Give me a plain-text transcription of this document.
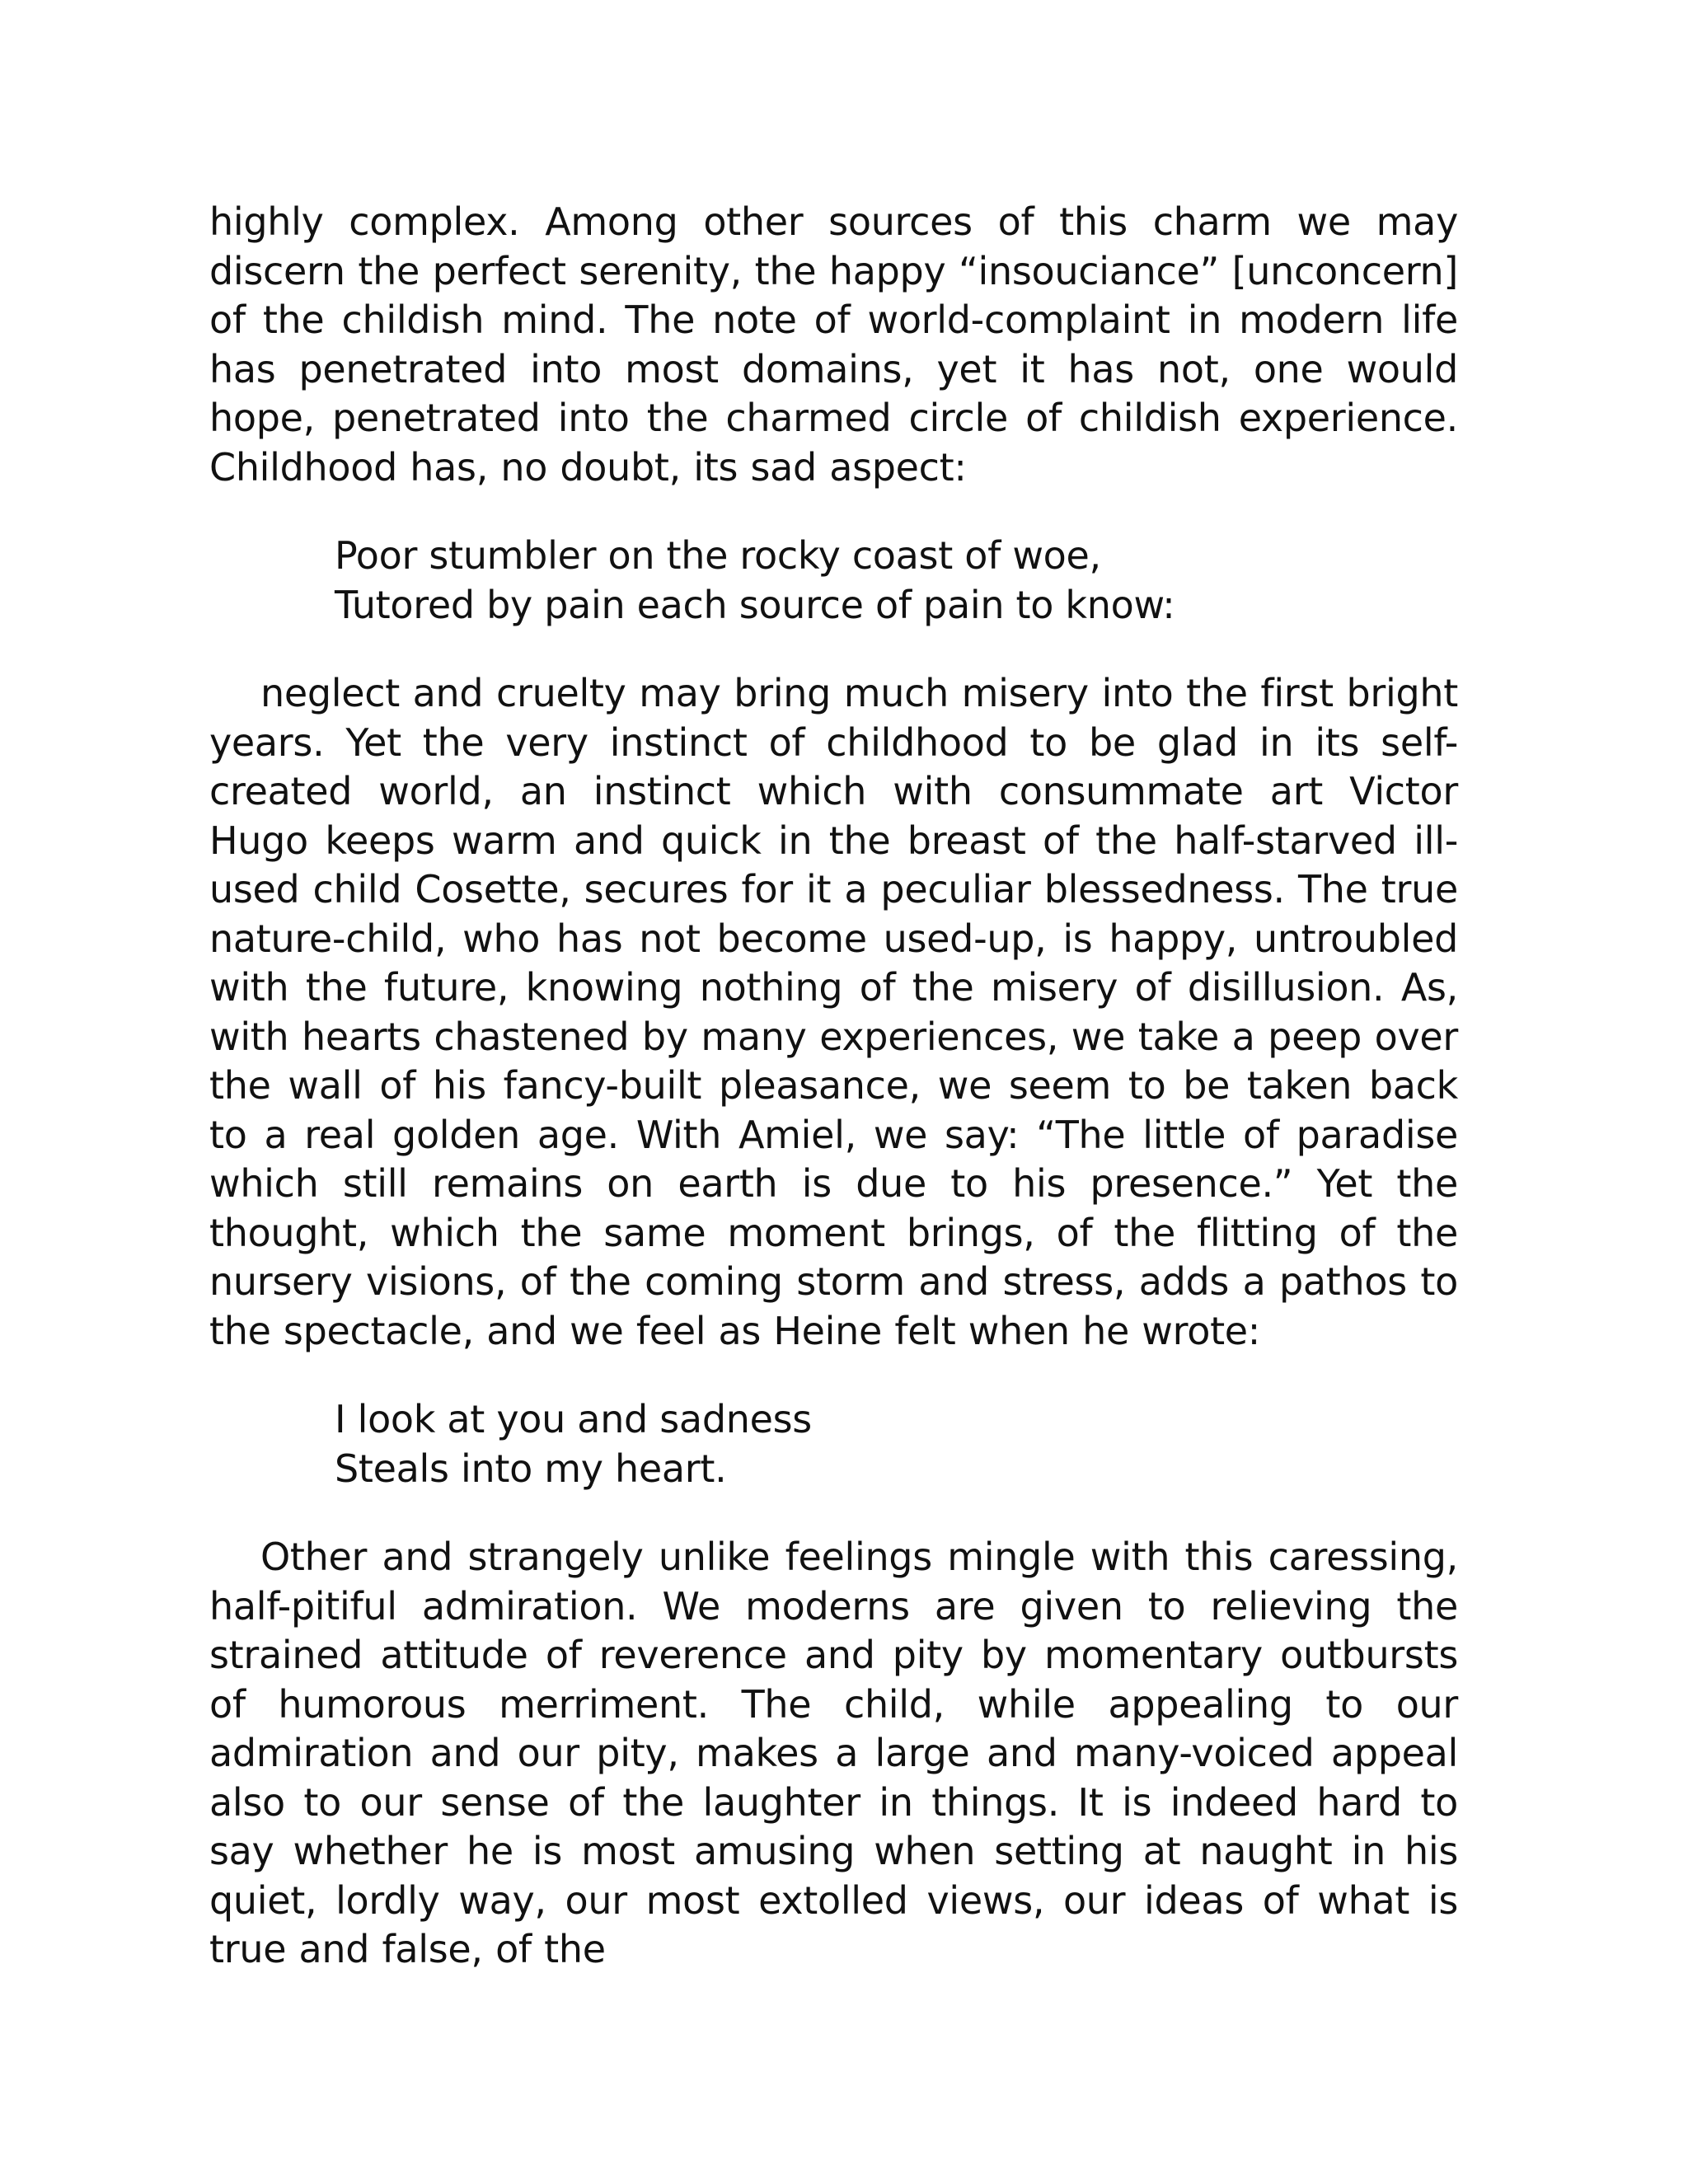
highly complex. Among other sources of this charm we may discern the perfect serenity, the happy “insouciance” [unconcern] of the childish mind. The note of world-complaint in modern life has penetrated into most domains, yet it has not, one would hope, penetrated into the charmed circle of childish experience. Childhood has, no doubt, its sad aspect:

Poor stumbler on the rocky coast of woe,
Tutored by pain each source of pain to know:

neglect and cruelty may bring much misery into the first bright years. Yet the very instinct of childhood to be glad in its self-created world, an instinct which with consummate art Victor Hugo keeps warm and quick in the breast of the half-starved ill-used child Cosette, secures for it a peculiar blessedness. The true nature-child, who has not become used-up, is happy, untroubled with the future, knowing nothing of the misery of disillusion. As, with hearts chastened by many experiences, we take a peep over the wall of his fancy-built pleasance, we seem to be taken back to a real golden age. With Amiel, we say: “The little of paradise which still remains on earth is due to his presence.” Yet the thought, which the same moment brings, of the flitting of the nursery visions, of the coming storm and stress, adds a pathos to the spectacle, and we feel as Heine felt when he wrote:

I look at you and sadness
Steals into my heart.

Other and strangely unlike feelings mingle with this caressing, half-pitiful admiration. We moderns are given to relieving the strained attitude of reverence and pity by momentary outbursts of humorous merriment. The child, while appealing to our admiration and our pity, makes a large and many-voiced appeal also to our sense of the laughter in things. It is indeed hard to say whether he is most amusing when setting at naught in his quiet, lordly way, our most extolled views, our ideas of what is true and false, of the
